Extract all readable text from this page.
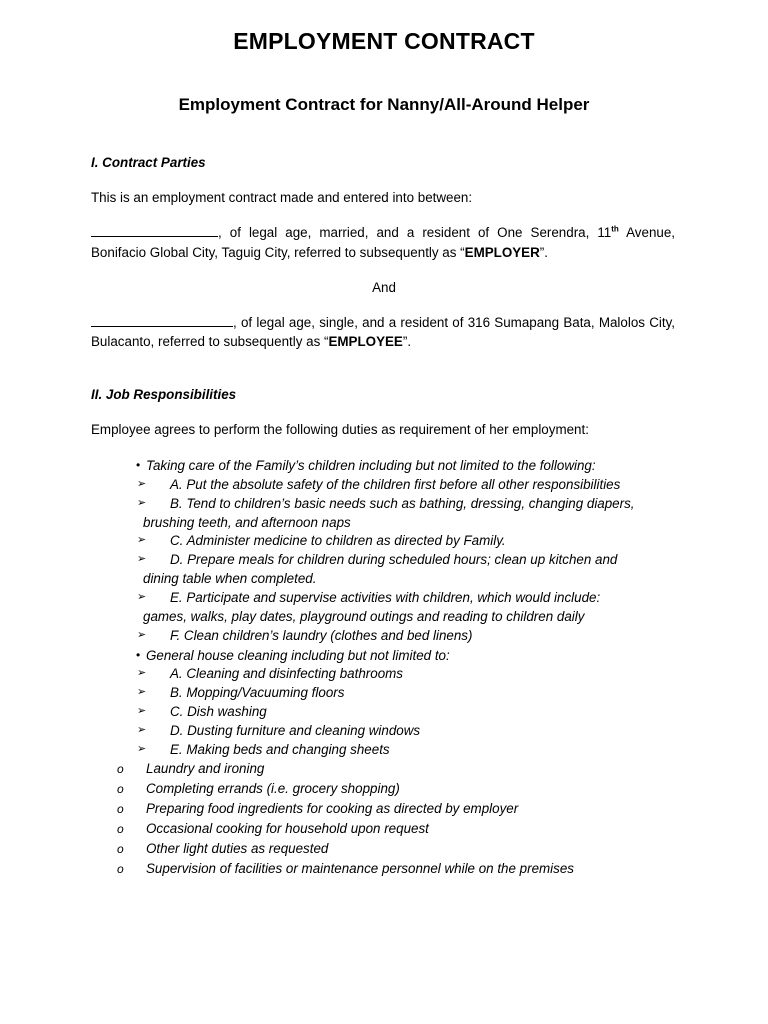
EMPLOYMENT CONTRACT
Employment Contract for Nanny/All-Around Helper
I. Contract Parties
This is an employment contract made and entered into between:
, of legal age, married, and a resident of One Serendra, 11th Avenue,
Bonifacio Global City, Taguig City, referred to subsequently as “EMPLOYER”.
And
, of legal age, single, and a resident of 316 Sumapang Bata, Malolos City,
Bulacanto, referred to subsequently as “EMPLOYEE”.
II. Job Responsibilities
Employee agrees to perform the following duties as requirement of her employment:
• Taking care of the Family’s children including but not limited to the following:
➢ A. Put the absolute safety of the children first before all other responsibilities
➢ B. Tend to children’s basic needs such as bathing, dressing, changing diapers,
brushing teeth, and afternoon naps
➢ C. Administer medicine to children as directed by Family.
➢ D. Prepare meals for children during scheduled hours; clean up kitchen and
dining table when completed.
➢ E. Participate and supervise activities with children, which would include:
games, walks, play dates, playground outings and reading to children daily
➢ F. Clean children’s laundry (clothes and bed linens)
• General house cleaning including but not limited to:
➢ A. Cleaning and disinfecting bathrooms
➢ B. Mopping/Vacuuming floors
➢ C. Dish washing
➢ D. Dusting furniture and cleaning windows
➢ E. Making beds and changing sheets
o Laundry and ironing
o Completing errands (i.e. grocery shopping)
o Preparing food ingredients for cooking as directed by employer
o Occasional cooking for household upon request
o Other light duties as requested
o Supervision of facilities or maintenance personnel while on the premises
